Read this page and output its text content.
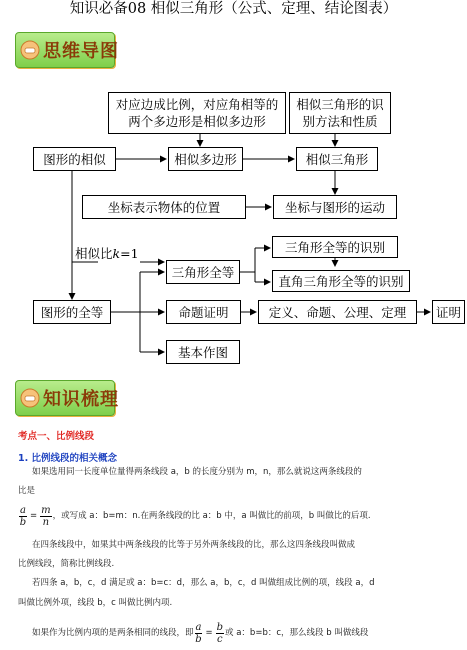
知识必备08 相似三角形（公式、定理、结论图表）
思维导图
对应边成比例，对应角相等的两个多边形是相似多边形
相似三角形的识别方法和性质
图形的相似	相似多边形	相似三角形
坐标表示物体的位置	坐标与图形的运动
相似比k=1	三角形全等的识别
直角三角形全等的识别
三角形全等
图形的全等	命题证明	定义、命题、公理、定理	证明
基本作图
知识梳理
考点一、比例线段
1. 比例线段的相关概念
如果选用同一长度单位量得两条线段 a，b 的长度分别为 m，n，那么就说这两条线段的
比是
$\frac{a}{b} = \frac{m}{n}$ ，或写成 a：b=m：n.在两条线段的比 a：b 中，a 叫做比的前项，b 叫做比的后项.
在四条线段中，如果其中两条线段的比等于另外两条线段的比，那么这四条线段叫做成
比例线段，简称比例线段.
若四条 a，b，c，d 满足或 a：b=c：d，那么 a，b，c，d 叫做组成比例的项，线段 a，d
叫做比例外项，线段 b，c 叫做比例内项.
如果作为比例内项的是两条相同的线段，即 $\frac{a}{b} = \frac{b}{c}$ 或 a：b=b：c，那么线段 b 叫做线段
